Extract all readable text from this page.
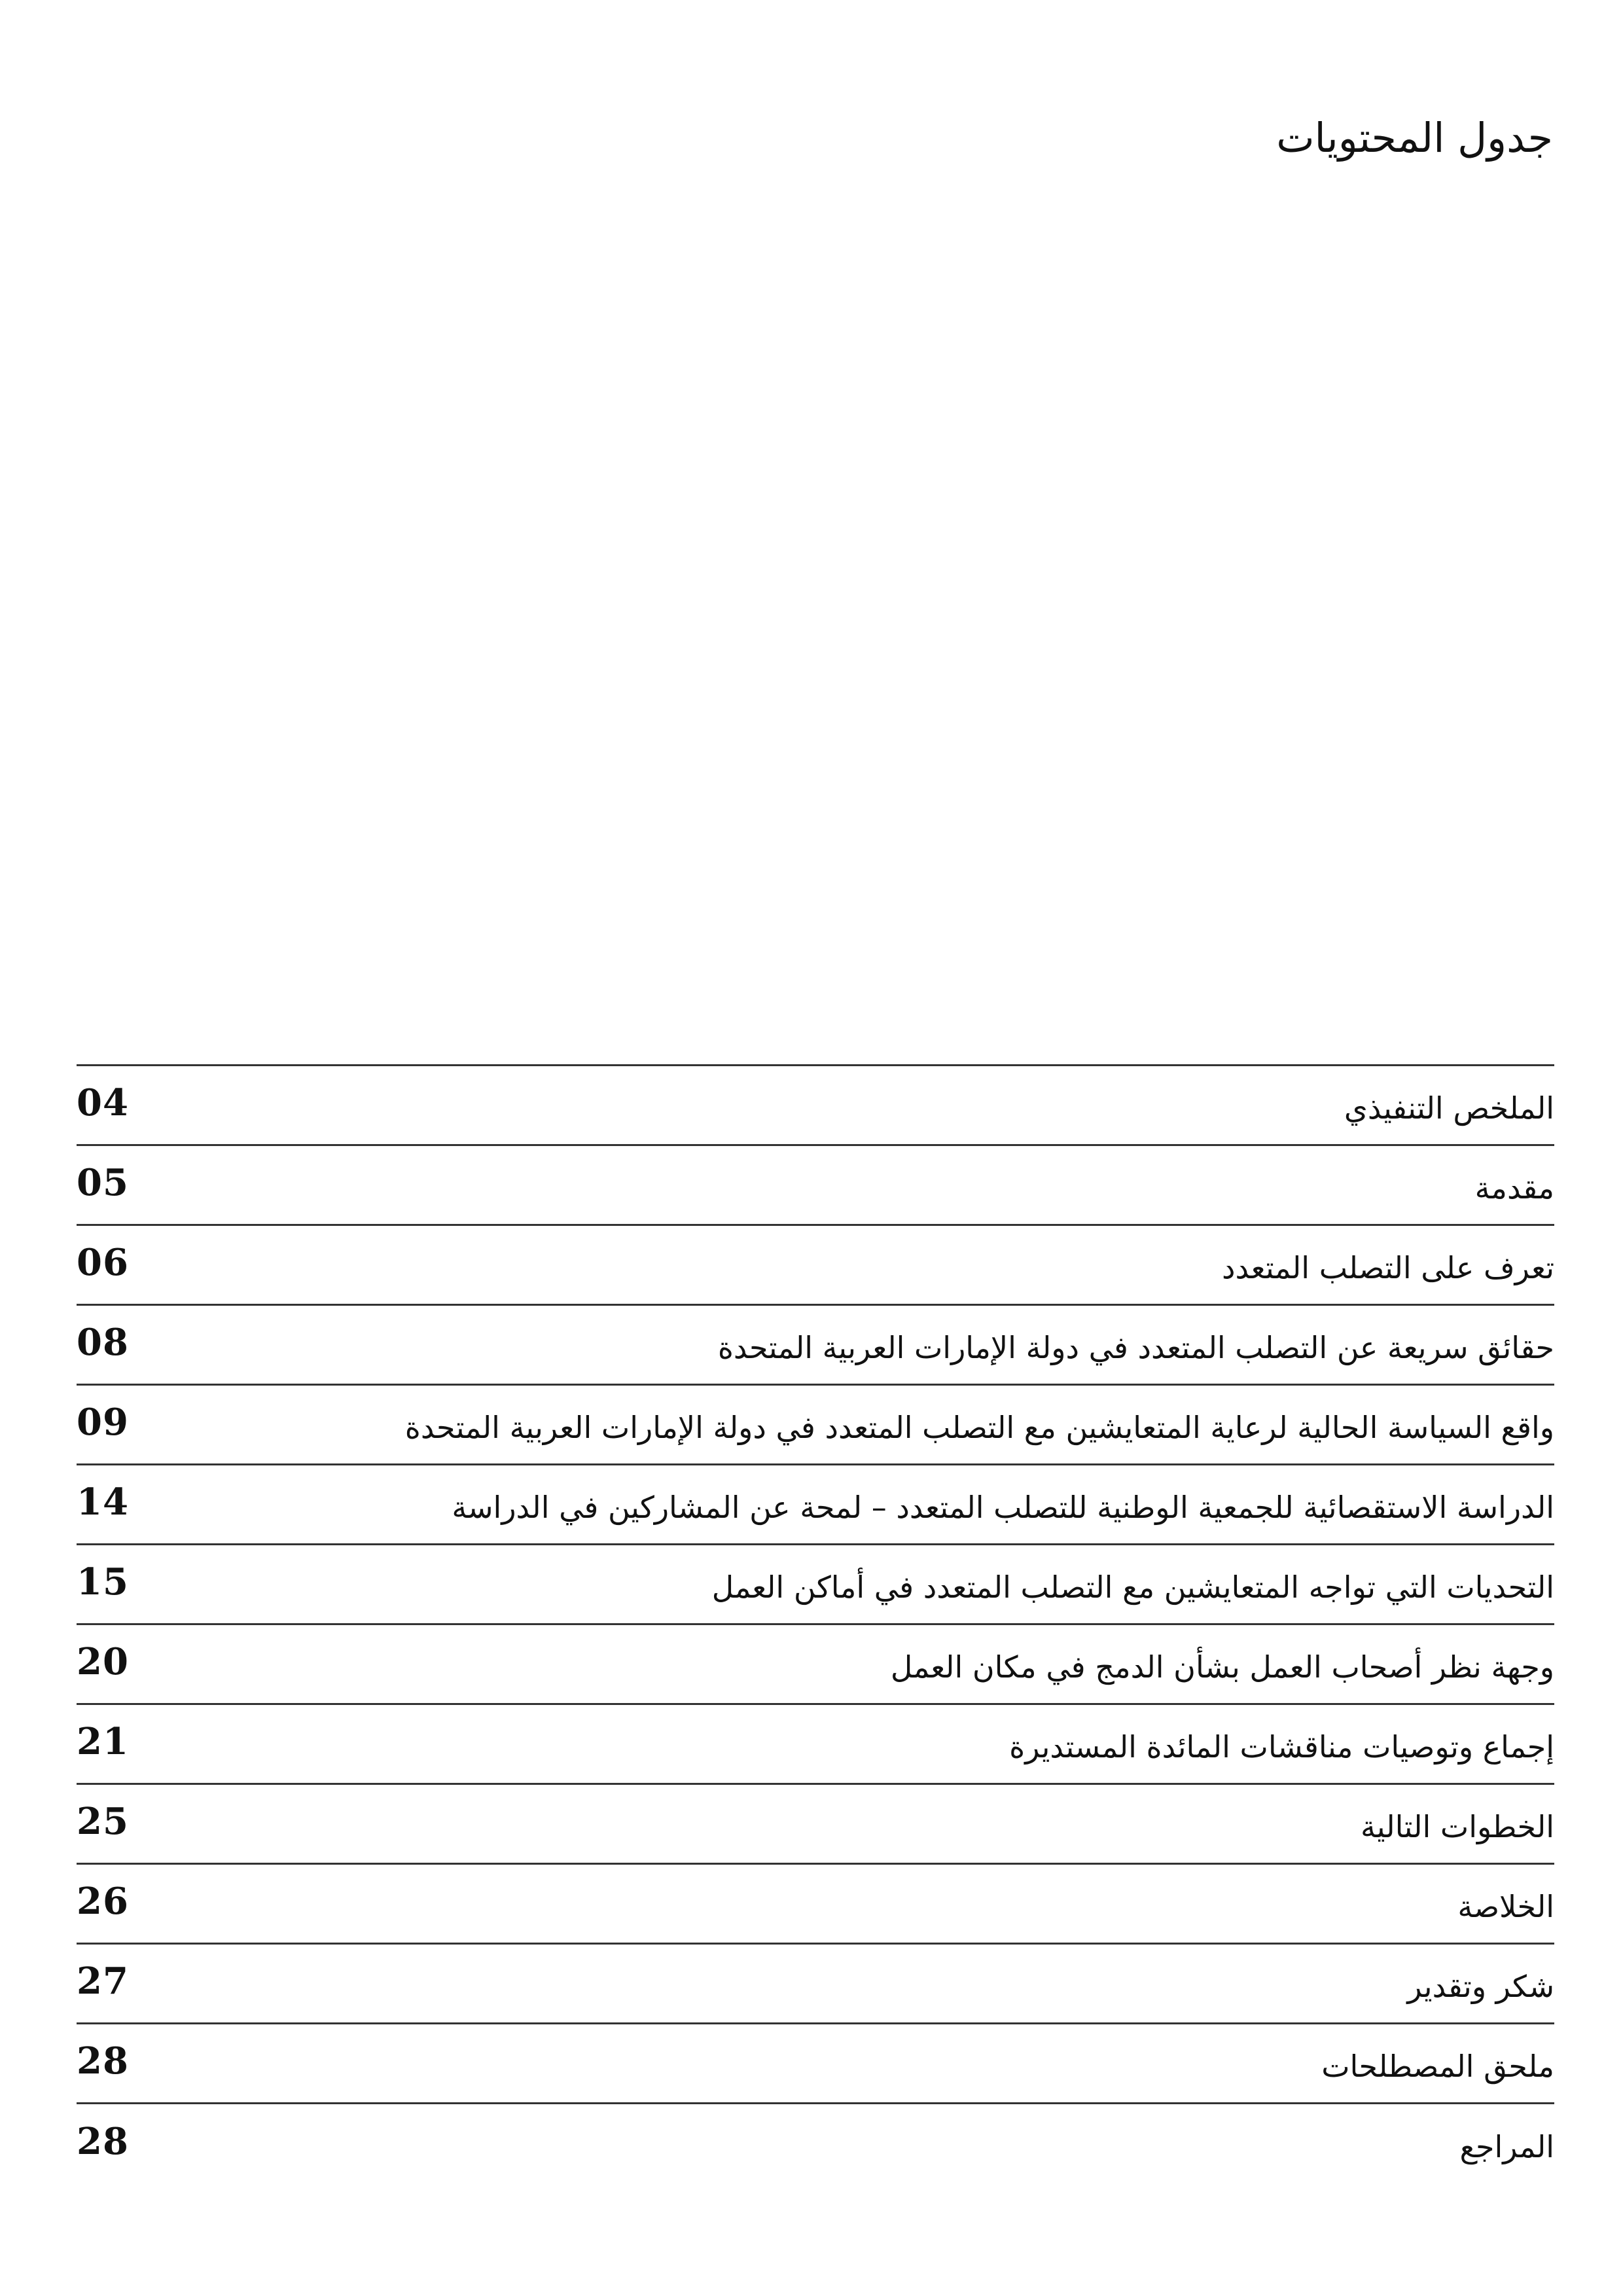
جدول المحتويات
04	الملخص التنفيذي
05	مقدمة
06	تعرف على التصلب المتعدد
08	حقائق سريعة عن التصلب المتعدد في دولة الإمارات العربية المتحدة
09	واقع السياسة الحالية لرعاية المتعايشين مع التصلب المتعدد في دولة الإمارات العربية المتحدة
14	الدراسة الاستقصائية للجمعية الوطنية للتصلب المتعدد – لمحة عن المشاركين في الدراسة
15	التحديات التي تواجه المتعايشين مع التصلب المتعدد في أماكن العمل
20	وجهة نظر أصحاب العمل بشأن الدمج في مكان العمل
21	إجماع وتوصيات مناقشات المائدة المستديرة
25	الخطوات التالية
26	الخلاصة
27	شكر وتقدير
28	ملحق المصطلحات
28	المراجع
